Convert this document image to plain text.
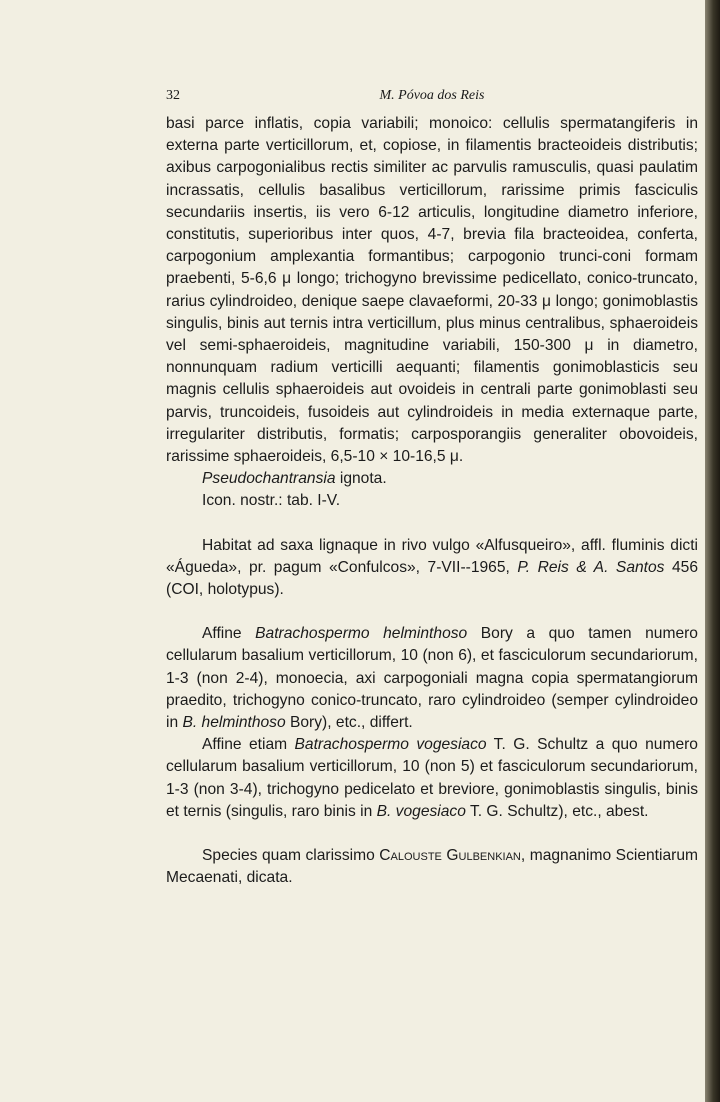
32	M. Póvoa dos Reis

basi parce inflatis, copia variabili; monoico: cellulis spermatangiferis in externa parte verticillorum, et, copiose, in filamentis bracteoideis distributis; axibus carpogonialibus rectis similiter ac parvulis ramusculis, quasi paulatim incrassatis, cellulis basalibus verticillorum, rarissime primis fasciculis secundariis insertis, iis vero 6-12 articulis, longitudine diametro inferiore, constitutis, superioribus inter quos, 4-7, brevia fila bracteoidea, conferta, carpogonium amplexantia formantibus; carpogonio trunci-coni formam praebenti, 5-6,6 μ longo; trichogyno brevissime pedicellato, conico-truncato, rarius cylindroideo, denique saepe clavaeformi, 20-33 μ longo; gonimoblastis singulis, binis aut ternis intra verticillum, plus minus centralibus, sphaeroideis vel semi-sphaeroideis, magnitudine variabili, 150-300 μ in diametro, nonnunquam radium verticilli aequanti; filamentis gonimoblasticis seu magnis cellulis sphaeroideis aut ovoideis in centrali parte gonimoblasti seu parvis, truncoideis, fusoideis aut cylindroideis in media externaque parte, irregulariter distributis, formatis; carposporangiis generaliter obovoideis, rarissime sphaeroideis, 6,5-10 × 10-16,5 μ.

Pseudochantransia ignota.

Icon. nostr.: tab. I-V.

Habitat ad saxa lignaque in rivo vulgo «Alfusqueiro», affl. fluminis dicti «Águeda», pr. pagum «Confulcos», 7-VII--1965, P. Reis & A. Santos 456 (COI, holotypus).

Affine Batrachospermo helminthoso Bory a quo tamen numero cellularum basalium verticillorum, 10 (non 6), et fasciculorum secundariorum, 1-3 (non 2-4), monoecia, axi carpogoniali magna copia spermatangiorum praedito, trichogyno conico-truncato, raro cylindroideo (semper cylindroideo in B. helminthoso Bory), etc., differt.

Affine etiam Batrachospermo vogesiaco T. G. Schultz a quo numero cellularum basalium verticillorum, 10 (non 5) et fasciculorum secundariorum, 1-3 (non 3-4), trichogyno pedicelato et breviore, gonimoblastis singulis, binis et ternis (singulis, raro binis in B. vogesiaco T. G. Schultz), etc., abest.

Species quam clarissimo Calouste Gulbenkian, magnanimo Scientiarum Mecaenati, dicata.
